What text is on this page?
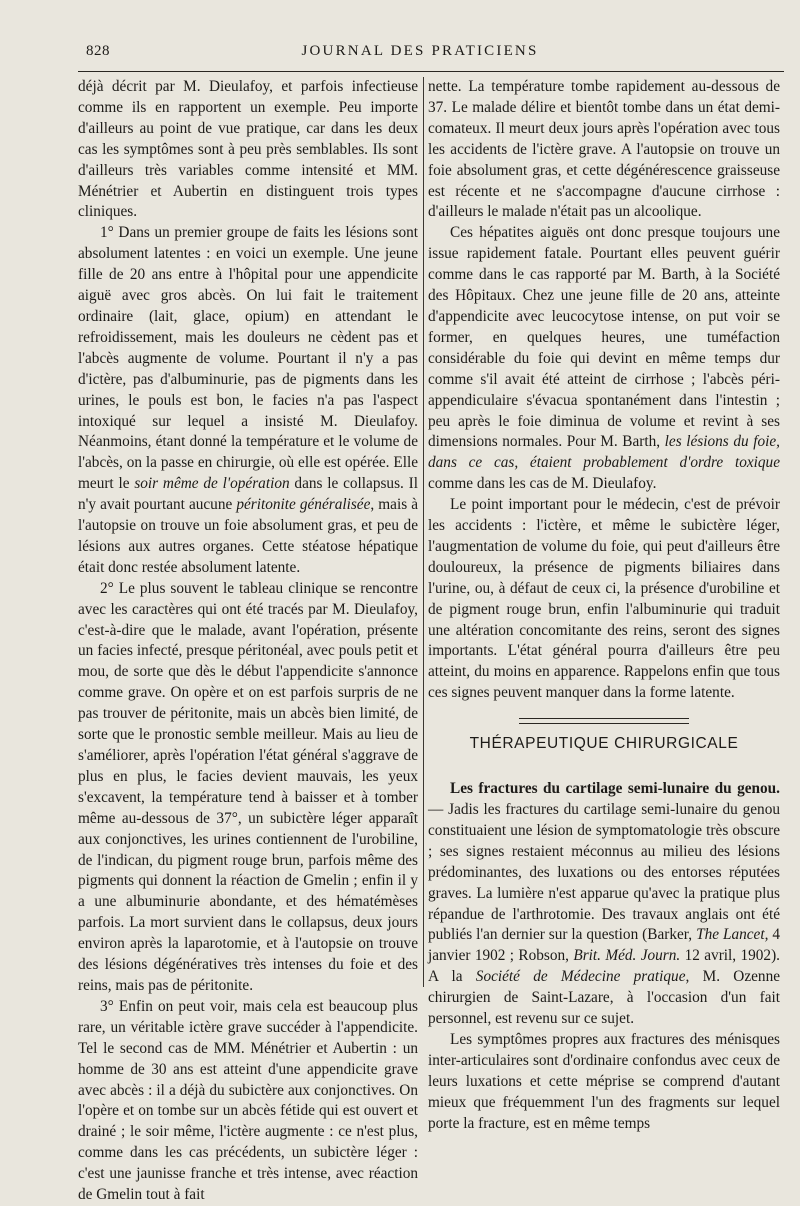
828	JOURNAL DES PRATICIENS

déjà décrit par M. Dieulafoy, et parfois infectieuse comme ils en rapportent un exemple. Peu importe d'ailleurs au point de vue pratique, car dans les deux cas les symptômes sont à peu près semblables. Ils sont d'ailleurs très variables comme intensité et MM. Ménétrier et Aubertin en distinguent trois types cliniques.

1° Dans un premier groupe de faits les lésions sont absolument latentes : en voici un exemple. Une jeune fille de 20 ans entre à l'hôpital pour une appendicite aiguë avec gros abcès. On lui fait le traitement ordinaire (lait, glace, opium) en attendant le refroidissement, mais les douleurs ne cèdent pas et l'abcès augmente de volume. Pourtant il n'y a pas d'ictère, pas d'albuminurie, pas de pigments dans les urines, le pouls est bon, le facies n'a pas l'aspect intoxiqué sur lequel a insisté M. Dieulafoy. Néanmoins, étant donné la température et le volume de l'abcès, on la passe en chirurgie, où elle est opérée. Elle meurt le soir même de l'opération dans le collapsus. Il n'y avait pourtant aucune péritonite généralisée, mais à l'autopsie on trouve un foie absolument gras, et peu de lésions aux autres organes. Cette stéatose hépatique était donc restée absolument latente.

2° Le plus souvent le tableau clinique se rencontre avec les caractères qui ont été tracés par M. Dieulafoy, c'est-à-dire que le malade, avant l'opération, présente un facies infecté, presque péritonéal, avec pouls petit et mou, de sorte que dès le début l'appendicite s'annonce comme grave. On opère et on est parfois surpris de ne pas trouver de péritonite, mais un abcès bien limité, de sorte que le pronostic semble meilleur. Mais au lieu de s'améliorer, après l'opération l'état général s'aggrave de plus en plus, le facies devient mauvais, les yeux s'excavent, la température tend à baisser et à tomber même au-dessous de 37°, un subictère léger apparaît aux conjonctives, les urines contiennent de l'urobiline, de l'indican, du pigment rouge brun, parfois même des pigments qui donnent la réaction de Gmelin ; enfin il y a une albuminurie abondante, et des hématémèses parfois. La mort survient dans le collapsus, deux jours environ après la laparotomie, et à l'autopsie on trouve des lésions dégénératives très intenses du foie et des reins, mais pas de péritonite.

3° Enfin on peut voir, mais cela est beaucoup plus rare, un véritable ictère grave succéder à l'appendicite. Tel le second cas de MM. Ménétrier et Aubertin : un homme de 30 ans est atteint d'une appendicite grave avec abcès : il a déjà du subictère aux conjonctives. On l'opère et on tombe sur un abcès fétide qui est ouvert et drainé ; le soir même, l'ictère augmente : ce n'est plus, comme dans les cas précédents, un subictère léger : c'est une jaunisse franche et très intense, avec réaction de Gmelin tout à fait

nette. La température tombe rapidement au-dessous de 37. Le malade délire et bientôt tombe dans un état demi-comateux. Il meurt deux jours après l'opération avec tous les accidents de l'ictère grave. A l'autopsie on trouve un foie absolument gras, et cette dégénérescence graisseuse est récente et ne s'accompagne d'aucune cirrhose : d'ailleurs le malade n'était pas un alcoolique.

Ces hépatites aiguës ont donc presque toujours une issue rapidement fatale. Pourtant elles peuvent guérir comme dans le cas rapporté par M. Barth, à la Société des Hôpitaux. Chez une jeune fille de 20 ans, atteinte d'appendicite avec leucocytose intense, on put voir se former, en quelques heures, une tuméfaction considérable du foie qui devint en même temps dur comme s'il avait été atteint de cirrhose ; l'abcès péri-appendiculaire s'évacua spontanément dans l'intestin ; peu après le foie diminua de volume et revint à ses dimensions normales. Pour M. Barth, les lésions du foie, dans ce cas, étaient probablement d'ordre toxique comme dans les cas de M. Dieulafoy.

Le point important pour le médecin, c'est de prévoir les accidents : l'ictère, et même le subictère léger, l'augmentation de volume du foie, qui peut d'ailleurs être douloureux, la présence de pigments biliaires dans l'urine, ou, à défaut de ceux ci, la présence d'urobiline et de pigment rouge brun, enfin l'albuminurie qui traduit une altération concomitante des reins, seront des signes importants. L'état général pourra d'ailleurs être peu atteint, du moins en apparence. Rappelons enfin que tous ces signes peuvent manquer dans la forme latente.

THÉRAPEUTIQUE CHIRURGICALE

Les fractures du cartilage semi-lunaire du genou. — Jadis les fractures du cartilage semi-lunaire du genou constituaient une lésion de symptomatologie très obscure ; ses signes restaient méconnus au milieu des lésions prédominantes, des luxations ou des entorses réputées graves. La lumière n'est apparue qu'avec la pratique plus répandue de l'arthrotomie. Des travaux anglais ont été publiés l'an dernier sur la question (Barker, The Lancet, 4 janvier 1902 ; Robson, Brit. Méd. Journ. 12 avril, 1902). A la Société de Médecine pratique, M. Ozenne chirurgien de Saint-Lazare, à l'occasion d'un fait personnel, est revenu sur ce sujet.

Les symptômes propres aux fractures des ménisques inter-articulaires sont d'ordinaire confondus avec ceux de leurs luxations et cette méprise se comprend d'autant mieux que fréquemment l'un des fragments sur lequel porte la fracture, est en même temps
